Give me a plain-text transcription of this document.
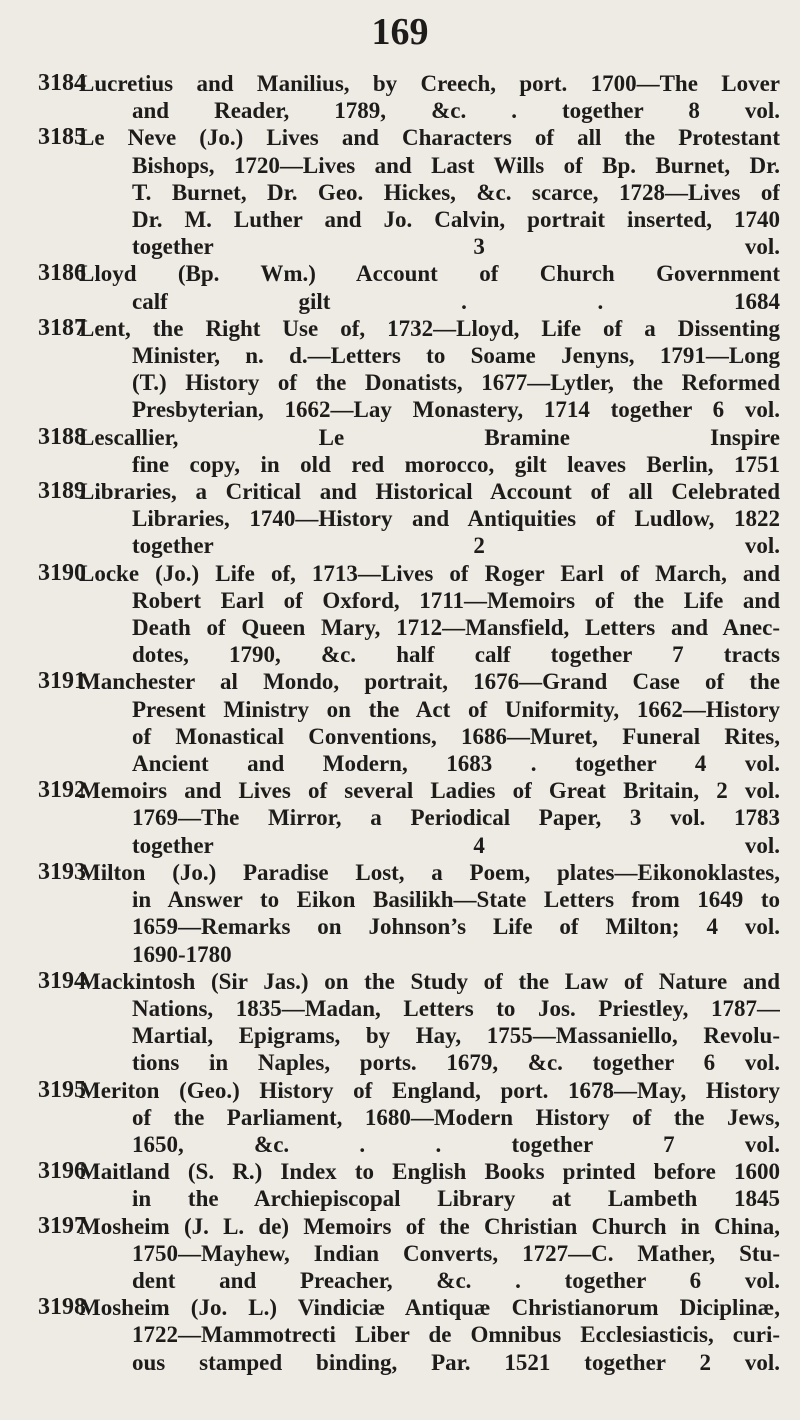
169
3184
Lucretius and Manilius, by Creech, port. 1700—The Lover
and Reader, 1789, &c. . together 8 vol.
3185
Le Neve (Jo.) Lives and Characters of all the Protestant
Bishops, 1720—Lives and Last Wills of Bp. Burnet, Dr.
T. Burnet, Dr. Geo. Hickes, &c. scarce, 1728—Lives of
Dr. M. Luther and Jo. Calvin, portrait inserted, 1740
together 3 vol.
3186
Lloyd (Bp. Wm.) Account of Church Government
calf gilt . . 1684
3187
Lent, the Right Use of, 1732—Lloyd, Life of a Dissenting
Minister, n. d.—Letters to Soame Jenyns, 1791—Long
(T.) History of the Donatists, 1677—Lytler, the Reformed
Presbyterian, 1662—Lay Monastery, 1714 together 6 vol.
3188
Lescallier, Le Bramine Inspire
fine copy, in old red morocco, gilt leaves Berlin, 1751
3189
Libraries, a Critical and Historical Account of all Celebrated
Libraries, 1740—History and Antiquities of Ludlow, 1822
together 2 vol.
3190
Locke (Jo.) Life of, 1713—Lives of Roger Earl of March, and
Robert Earl of Oxford, 1711—Memoirs of the Life and
Death of Queen Mary, 1712—Mansfield, Letters and Anec-
dotes, 1790, &c. half calf together 7 tracts
3191
Manchester al Mondo, portrait, 1676—Grand Case of the
Present Ministry on the Act of Uniformity, 1662—History
of Monastical Conventions, 1686—Muret, Funeral Rites,
Ancient and Modern, 1683 . together 4 vol.
3192
Memoirs and Lives of several Ladies of Great Britain, 2 vol.
1769—The Mirror, a Periodical Paper, 3 vol. 1783
together 4 vol.
3193
Milton (Jo.) Paradise Lost, a Poem, plates—Eikonoklastes,
in Answer to Eikon Basilikh—State Letters from 1649 to
1659—Remarks on Johnson’s Life of Milton; 4 vol.
1690-1780
3194
Mackintosh (Sir Jas.) on the Study of the Law of Nature and
Nations, 1835—Madan, Letters to Jos. Priestley, 1787—
Martial, Epigrams, by Hay, 1755—Massaniello, Revolu-
tions in Naples, ports. 1679, &c. together 6 vol.
3195
Meriton (Geo.) History of England, port. 1678—May, History
of the Parliament, 1680—Modern History of the Jews,
1650, &c. . . together 7 vol.
3196
Maitland (S. R.) Index to English Books printed before 1600
in the Archiepiscopal Library at Lambeth 1845
3197
Mosheim (J. L. de) Memoirs of the Christian Church in China,
1750—Mayhew, Indian Converts, 1727—C. Mather, Stu-
dent and Preacher, &c. . together 6 vol.
3198
Mosheim (Jo. L.) Vindiciæ Antiquæ Christianorum Diciplinæ,
1722—Mammotrecti Liber de Omnibus Ecclesiasticis, curi-
ous stamped binding, Par. 1521 together 2 vol.
